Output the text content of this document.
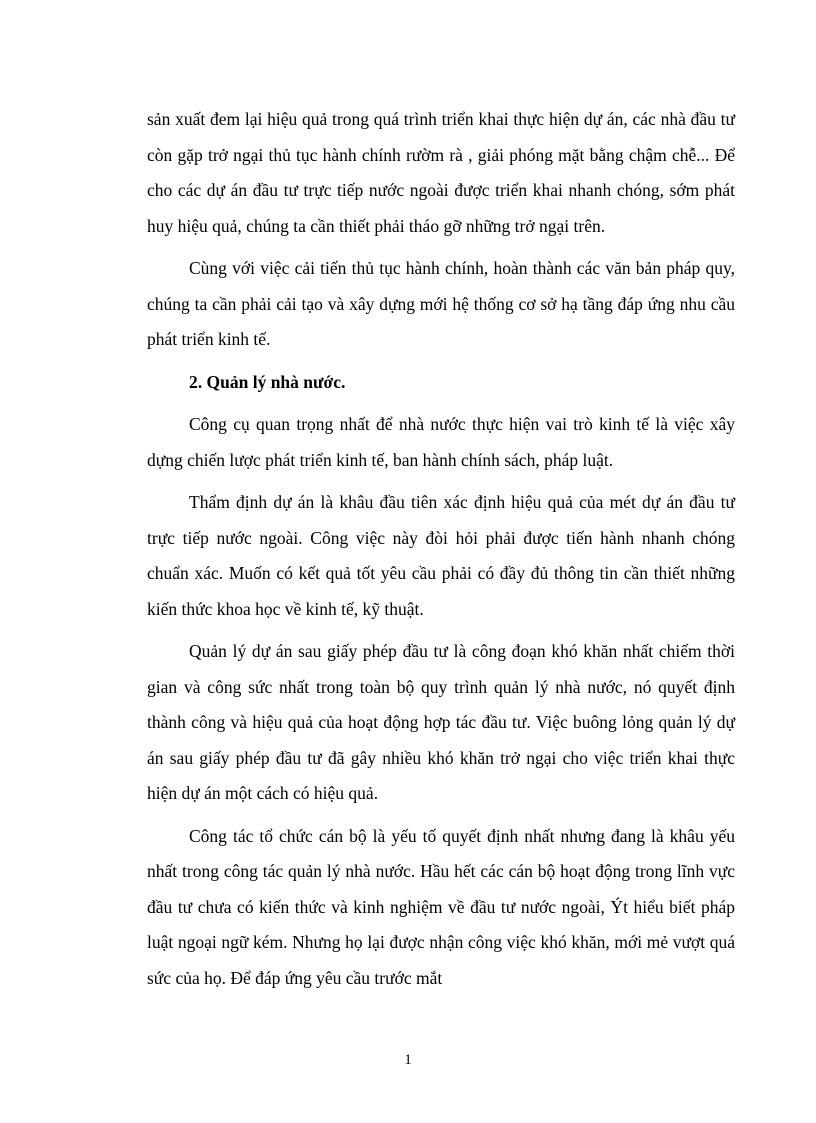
sản xuất đem lại hiệu quả trong quá trình triển khai thực hiện dự án, các nhà đầu tư còn gặp trở ngại thủ tục hành chính rườm rà , giải phóng mặt bằng chậm chễ... Để cho các dự án đầu tư trực tiếp nước ngoài được triển khai nhanh chóng, sớm phát huy hiệu quả, chúng ta cần thiết phải tháo gỡ những trở ngại trên.

Cùng với việc cải tiến thủ tục hành chính, hoàn thành các văn bản pháp quy, chúng ta cần phải cải tạo và xây dựng mới hệ thống cơ sở hạ tầng đáp ứng nhu cầu phát triển kinh tế.

2. Quản lý nhà nước.

Công cụ quan trọng nhất để nhà nước thực hiện vai trò kinh tế là việc xây dựng chiến lược phát triển kinh tế, ban hành chính sách, pháp luật.

Thẩm định dự án là khâu đầu tiên xác định hiệu quả của mét dự án đầu tư trực tiếp nước ngoài. Công việc này đòi hỏi phải được tiến hành nhanh chóng chuẩn xác. Muốn có kết quả tốt yêu cầu phải có đầy đủ thông tin cần thiết những kiến thức khoa học về kinh tế, kỹ thuật.

Quản lý dự án sau giấy phép đầu tư là công đoạn khó khăn nhất chiếm thời gian và công sức nhất trong toàn bộ quy trình quản lý nhà nước, nó quyết định thành công và hiệu quả của hoạt động hợp tác đầu tư. Việc buông lỏng quản lý dự án sau giấy phép đầu tư đã gây nhiều khó khăn trở ngại cho việc triển khai thực hiện dự án một cách có hiệu quả.

Công tác tổ chức cán bộ là yếu tố quyết định nhất nhưng đang là khâu yếu nhất trong công tác quản lý nhà nước. Hầu hết các cán bộ hoạt động trong lĩnh vực đầu tư chưa có kiến thức và kinh nghiệm về đầu tư nước ngoài, Ýt hiểu biết pháp luật ngoại ngữ kém. Nhưng họ lại được nhận công việc khó khăn, mới mẻ vượt quá sức của họ. Để đáp ứng yêu cầu trước mắt

1
